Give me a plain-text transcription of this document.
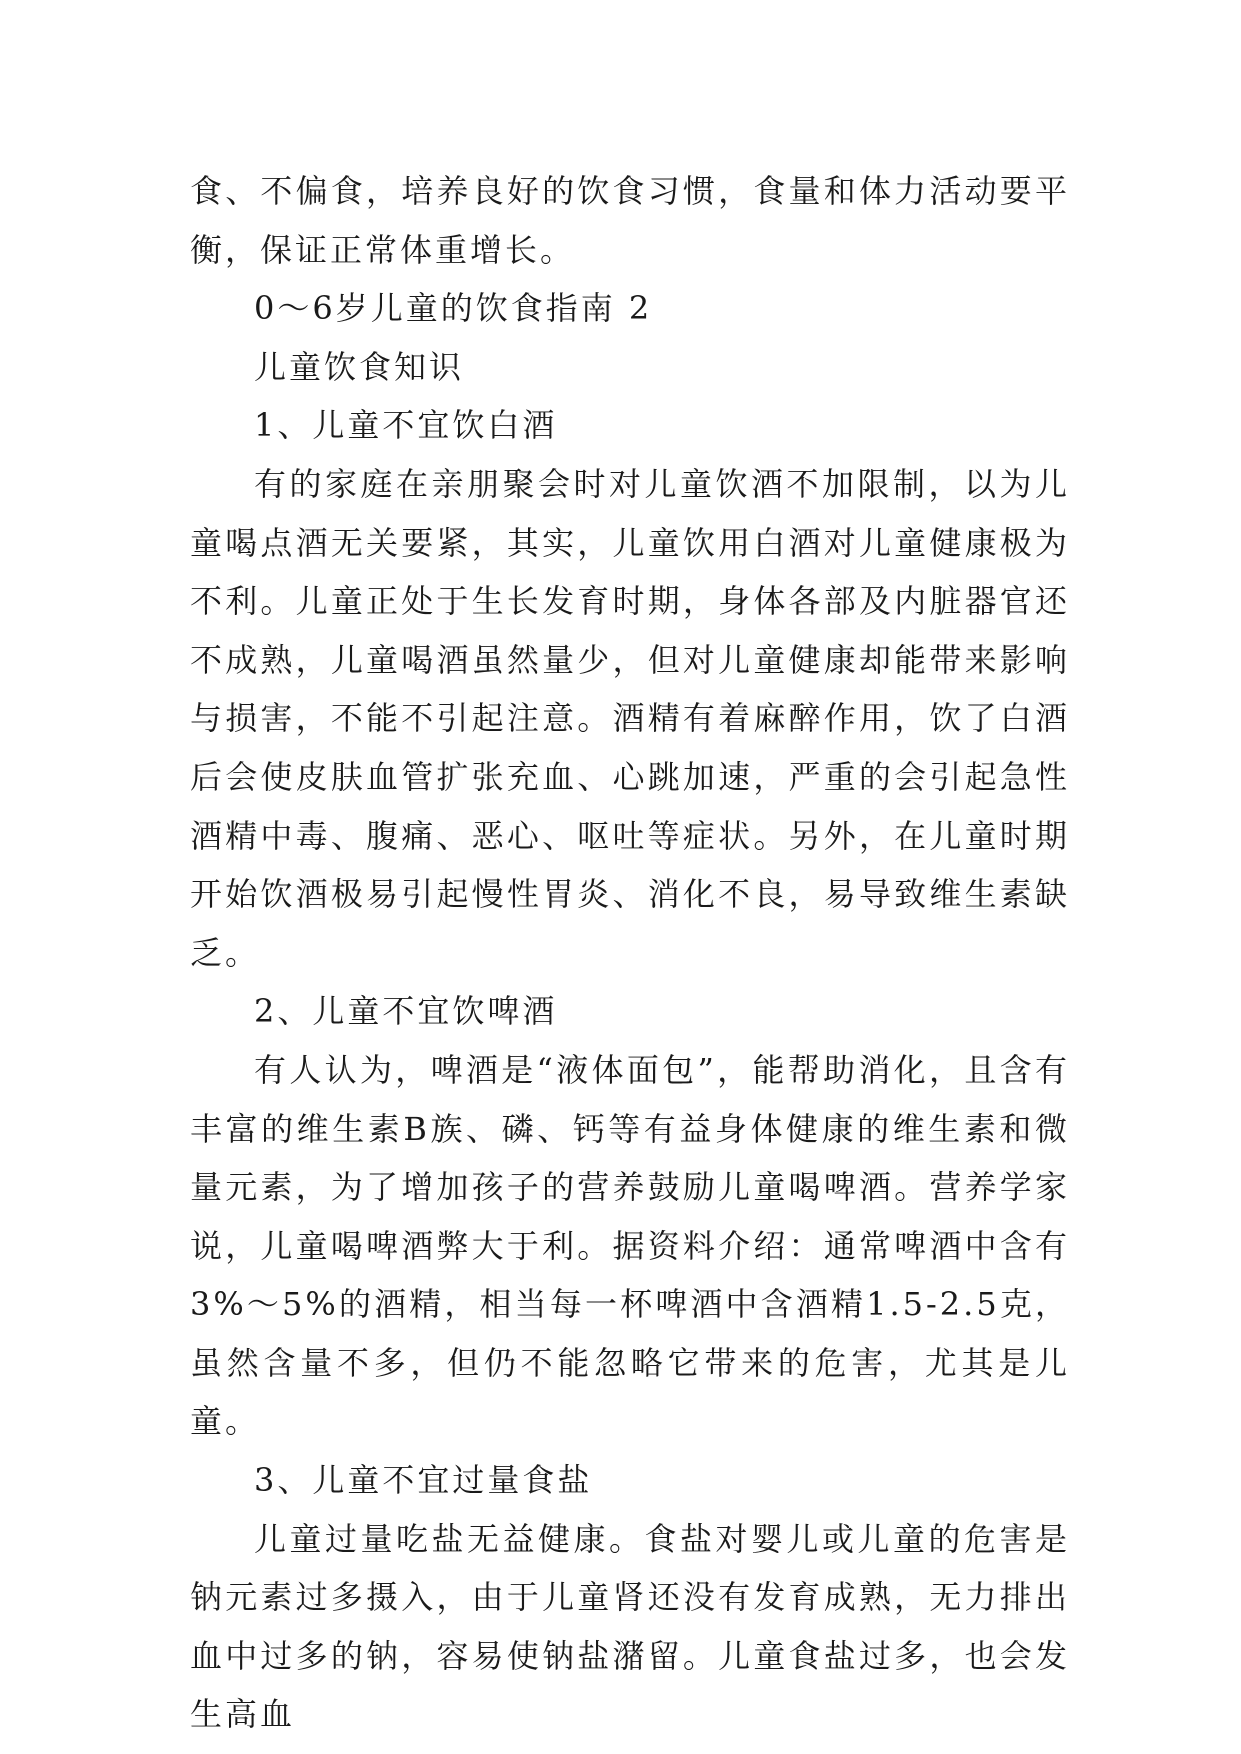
食、不偏食，培养良好的饮食习惯，食量和体力活动要平衡，保证正常体重增长。

0～6岁儿童的饮食指南 2

儿童饮食知识

1、儿童不宜饮白酒

有的家庭在亲朋聚会时对儿童饮酒不加限制，以为儿童喝点酒无关要紧，其实，儿童饮用白酒对儿童健康极为不利。儿童正处于生长发育时期，身体各部及内脏器官还不成熟，儿童喝酒虽然量少，但对儿童健康却能带来影响与损害，不能不引起注意。酒精有着麻醉作用，饮了白酒后会使皮肤血管扩张充血、心跳加速，严重的会引起急性酒精中毒、腹痛、恶心、呕吐等症状。另外，在儿童时期开始饮酒极易引起慢性胃炎、消化不良，易导致维生素缺乏。

2、儿童不宜饮啤酒

有人认为，啤酒是“液体面包”，能帮助消化，且含有丰富的维生素B族、磷、钙等有益身体健康的维生素和微量元素，为了增加孩子的营养鼓励儿童喝啤酒。营养学家说，儿童喝啤酒弊大于利。据资料介绍：通常啤酒中含有3%～5%的酒精，相当每一杯啤酒中含酒精1.5-2.5克，虽然含量不多，但仍不能忽略它带来的危害，尤其是儿童。

3、儿童不宜过量食盐

儿童过量吃盐无益健康。食盐对婴儿或儿童的危害是钠元素过多摄入，由于儿童肾还没有发育成熟，无力排出血中过多的钠，容易使钠盐潴留。儿童食盐过多，也会发生高血
